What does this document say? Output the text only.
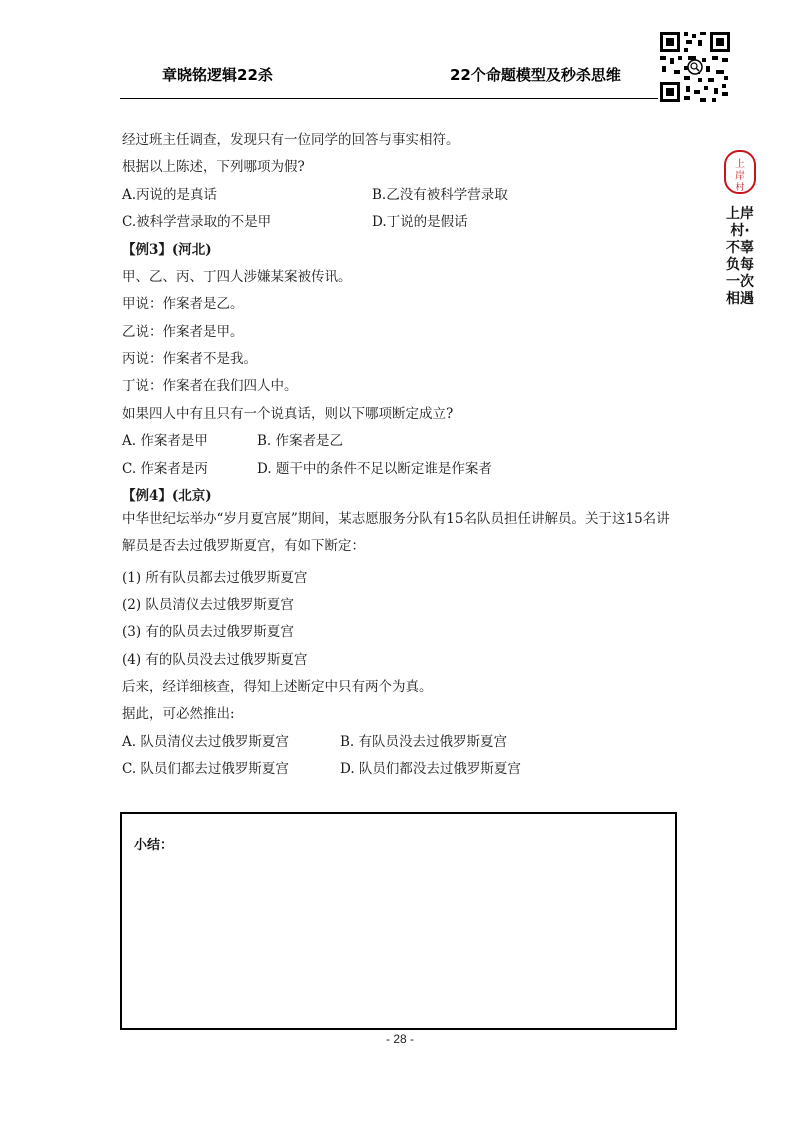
章晓铭逻辑22杀	22个命题模型及秒杀思维
上
岸
村
上岸村·不辜负每一次相遇
经过班主任调查，发现只有一位同学的回答与事实相符。
根据以上陈述，下列哪项为假?
A.丙说的是真话	B.乙没有被科学营录取
C.被科学营录取的不是甲	D.丁说的是假话
【例3】(河北)
甲、乙、丙、丁四人涉嫌某案被传讯。
甲说：作案者是乙。
乙说：作案者是甲。
丙说：作案者不是我。
丁说：作案者在我们四人中。
如果四人中有且只有一个说真话，则以下哪项断定成立?
A. 作案者是甲	B. 作案者是乙
C. 作案者是丙	D. 题干中的条件不足以断定谁是作案者
【例4】(北京)
中华世纪坛举办“岁月夏宫展”期间，某志愿服务分队有15名队员担任讲解员。关于这15名讲解员是否去过俄罗斯夏宫，有如下断定：
(1) 所有队员都去过俄罗斯夏宫
(2) 队员清仪去过俄罗斯夏宫
(3) 有的队员去过俄罗斯夏宫
(4) 有的队员没去过俄罗斯夏宫
后来，经详细核查，得知上述断定中只有两个为真。
据此，可必然推出:
A. 队员清仪去过俄罗斯夏宫	B. 有队员没去过俄罗斯夏宫
C. 队员们都去过俄罗斯夏宫	D. 队员们都没去过俄罗斯夏宫
小结：
- 28 -
